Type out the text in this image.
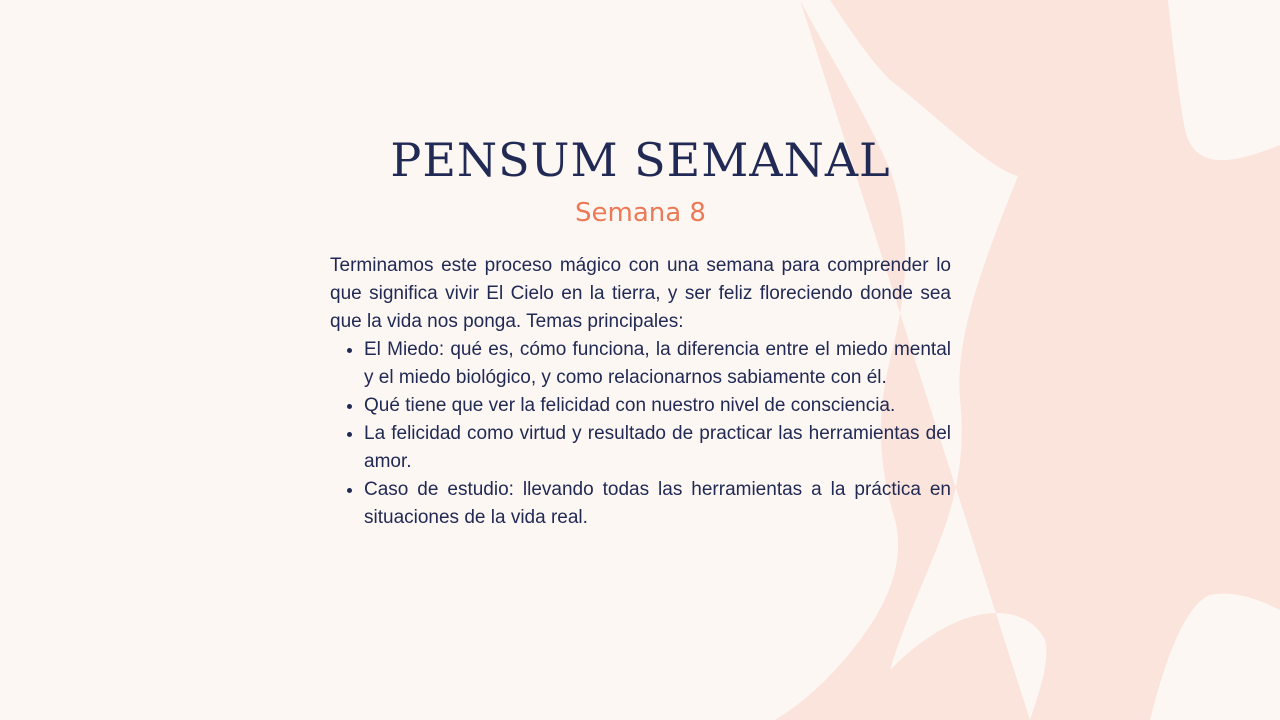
PENSUM SEMANAL
Semana 8

Terminamos este proceso mágico con una semana para comprender lo que significa vivir El Cielo en la tierra, y ser feliz floreciendo donde sea que la vida nos ponga. Temas principales:

• El Miedo: qué es, cómo funciona, la diferencia entre el miedo mental y el miedo biológico, y como relacionarnos sabiamente con él.
• Qué tiene que ver la felicidad con nuestro nivel de consciencia.
• La felicidad como virtud y resultado de practicar las herramientas del amor.
• Caso de estudio: llevando todas las herramientas a la práctica en situaciones de la vida real.
